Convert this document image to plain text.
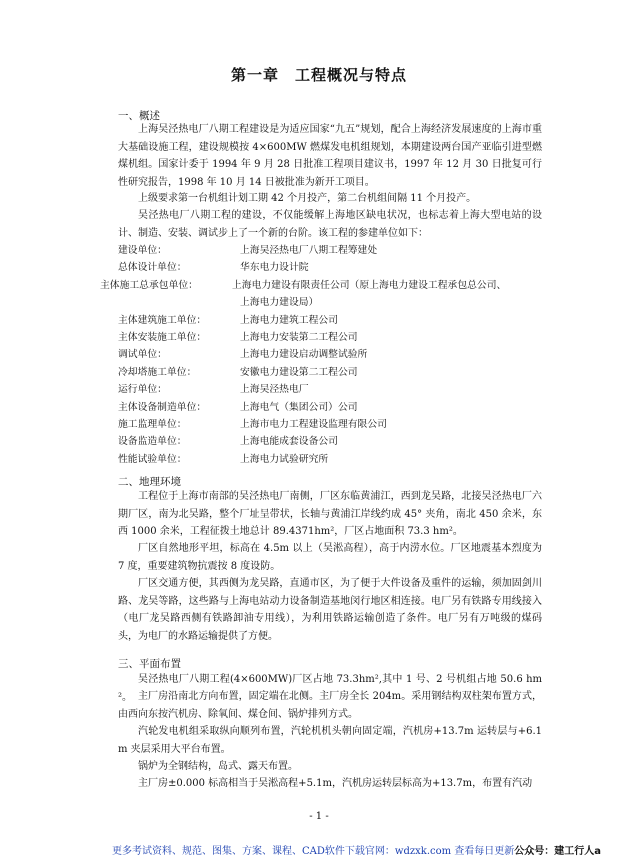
第一章　工程概况与特点
一、概述
上海吴泾热电厂八期工程建设是为适应国家“九五”规划，配合上海经济发展速度的上海市重大基础设施工程，建设规模按 4×600MW 燃煤发电机组规划，本期建设两台国产亚临引进型燃煤机组。国家计委于 1994 年 9 月 28 日批准工程项目建议书，1997 年 12 月 30 日批复可行性研究报告，1998 年 10 月 14 日被批准为新开工项目。
上级要求第一台机组计划工期 42 个月投产，第二台机组间隔 11 个月投产。
吴泾热电厂八期工程的建设，不仅能缓解上海地区缺电状况，也标志着上海大型电站的设计、制造、安装、调试步上了一个新的台阶。该工程的参建单位如下：
建设单位：	上海吴泾热电厂八期工程筹建处
总体设计单位：	华东电力设计院
主体施工总承包单位：	上海电力建设有限责任公司（原上海电力建设工程承包总公司、
上海电力建设局）
主体建筑施工单位：	上海电力建筑工程公司
主体安装施工单位：	上海电力安装第二工程公司
调试单位：	上海电力建设启动调整试验所
冷却塔施工单位：	安徽电力建设第二工程公司
运行单位：	上海吴泾热电厂
主体设备制造单位：	上海电气（集团公司）公司
施工监理单位：	上海市电力工程建设监理有限公司
设备监造单位：	上海电能成套设备公司
性能试验单位：	上海电力试验研究所
二、地理环境
工程位于上海市南部的吴泾热电厂南侧，厂区东临黄浦江，西到龙吴路，北接吴泾热电厂六期厂区，南为北吴路，整个厂址呈带状，长轴与黄浦江岸线约成 45° 夹角，南北 450 余米，东西 1000 余米，工程征拨土地总计 89.4371hm²，厂区占地面积 73.3 hm²。
厂区自然地形平坦，标高在 4.5m 以上（吴淞高程），高于内涝水位。厂区地震基本烈度为 7 度，重要建筑物抗震按 8 度设防。
厂区交通方便，其西侧为龙吴路，直通市区，为了便于大件设备及重件的运输，须加固剑川路、龙吴等路，这些路与上海电站动力设备制造基地闵行地区相连接。电厂另有铁路专用线接入（电厂龙吴路西侧有铁路卸油专用线），为利用铁路运输创造了条件。电厂另有万吨级的煤码头，为电厂的水路运输提供了方便。
三、平面布置
吴泾热电厂八期工程(4×600MW)厂区占地 73.3hm²,其中 1 号、2 号机组占地 50.6 hm²。 主厂房沿南北方向布置，固定端在北侧。主厂房全长 204m。采用钢结构双柱架布置方式，由西向东按汽机房、除氧间、煤仓间、锅炉排列方式。
汽轮发电机组采取纵向顺列布置，汽轮机机头朝向固定端，汽机房+13.7m 运转层与+6.1m 夹层采用大平台布置。
锅炉为全钢结构，岛式、露天布置。
主厂房±0.000 标高相当于吴淞高程+5.1m，汽机房运转层标高为+13.7m，布置有汽动
- 1 -
更多考试资料、规范、图集、方案、课程、CAD软件下载官网：wdzxk.com 查看每日更新公众号：建工行人a
